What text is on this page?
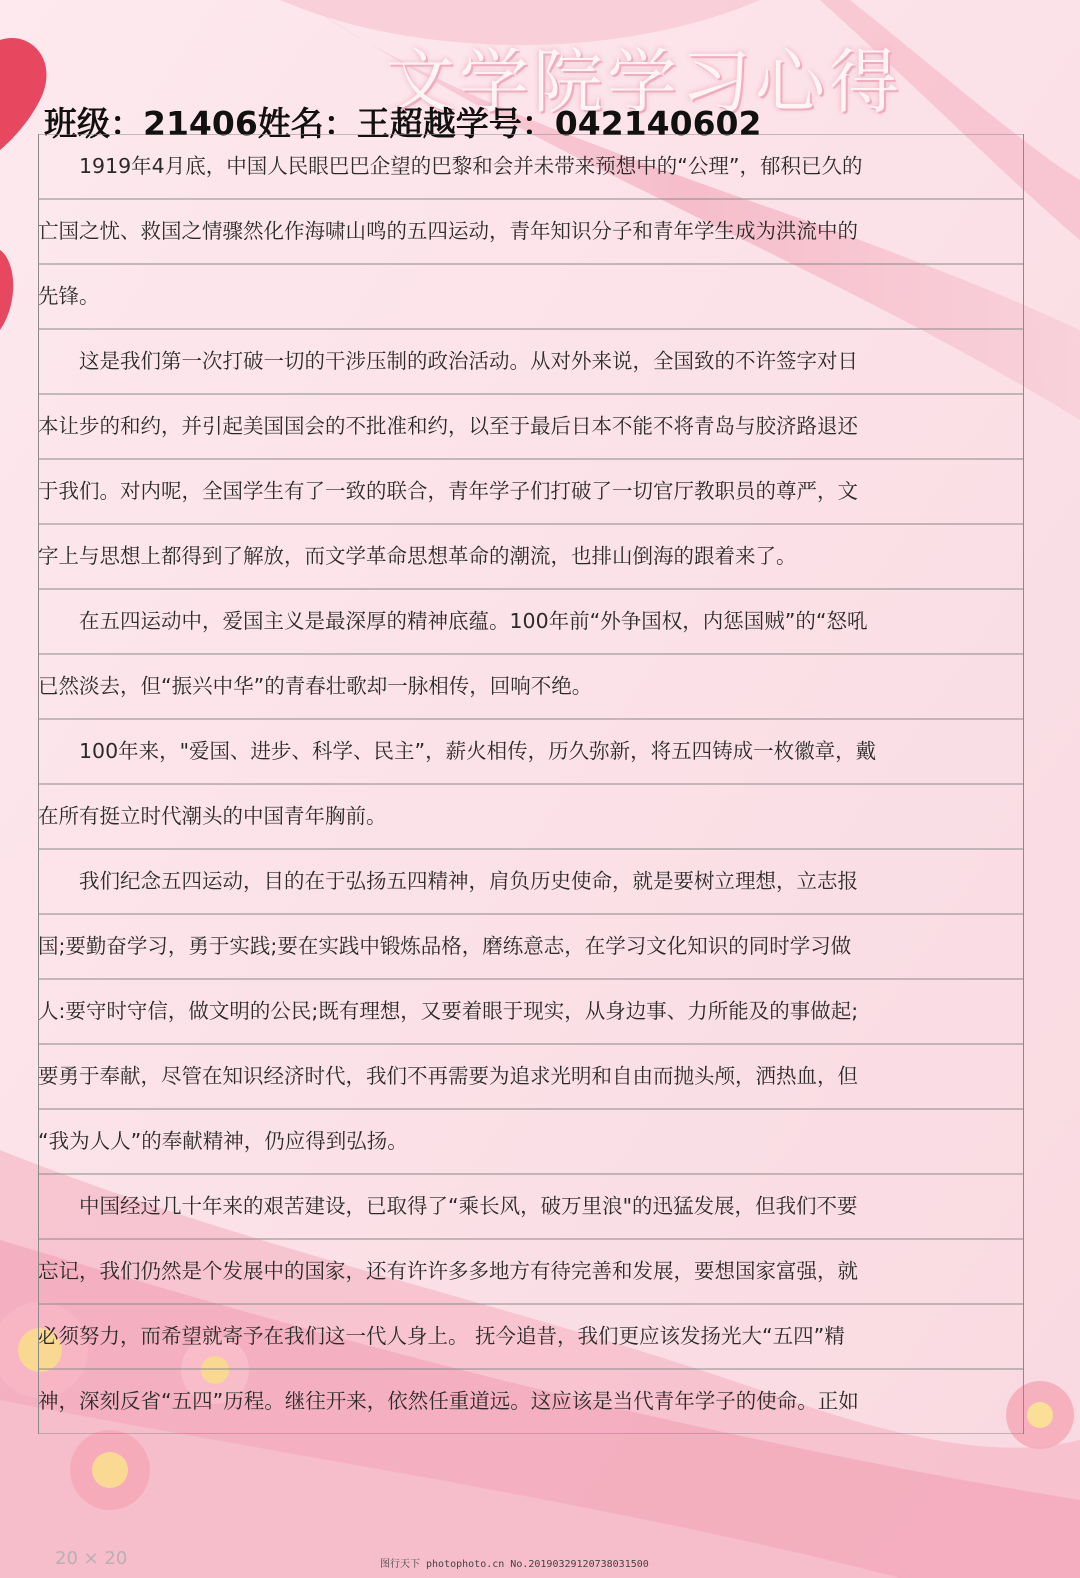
文学院学习心得
班级：21406姓名：王超越学号：042140602
1919年4月底，中国人民眼巴巴企望的巴黎和会并未带来预想中的“公理”，郁积已久的
亡国之忧、救国之情骤然化作海啸山鸣的五四运动，青年知识分子和青年学生成为洪流中的
先锋。
这是我们第一次打破一切的干涉压制的政治活动。从对外来说，全国致的不许签字对日
本让步的和约，并引起美国国会的不批准和约，以至于最后日本不能不将青岛与胶济路退还
于我们。对内呢，全国学生有了一致的联合，青年学子们打破了一切官厅教职员的尊严，文
字上与思想上都得到了解放，而文学革命思想革命的潮流，也排山倒海的跟着来了。
在五四运动中，爱国主义是最深厚的精神底蕴。100年前“外争国权，内惩国贼”的“怒吼
已然淡去，但“振兴中华”的青春壮歌却一脉相传，回响不绝。
100年来，"爱国、进步、科学、民主”，薪火相传，历久弥新，将五四铸成一枚徽章，戴
在所有挺立时代潮头的中国青年胸前。
我们纪念五四运动，目的在于弘扬五四精神，肩负历史使命，就是要树立理想，立志报
国;要勤奋学习，勇于实践;要在实践中锻炼品格，磨练意志，在学习文化知识的同时学习做
人:要守时守信，做文明的公民;既有理想，又要着眼于现实，从身边事、力所能及的事做起;
要勇于奉献，尽管在知识经济时代，我们不再需要为追求光明和自由而抛头颅，洒热血，但
“我为人人”的奉献精神，仍应得到弘扬。
中国经过几十年来的艰苦建设，已取得了“乘长风，破万里浪"的迅猛发展，但我们不要
忘记，我们仍然是个发展中的国家，还有许许多多地方有待完善和发展，要想国家富强，就
必须努力，而希望就寄予在我们这一代人身上。 抚今追昔，我们更应该发扬光大“五四”精
神，深刻反省“五四”历程。继往开来，依然任重道远。这应该是当代青年学子的使命。正如
20 × 20	图行天下 photophoto.cn No.20190329120738031500
